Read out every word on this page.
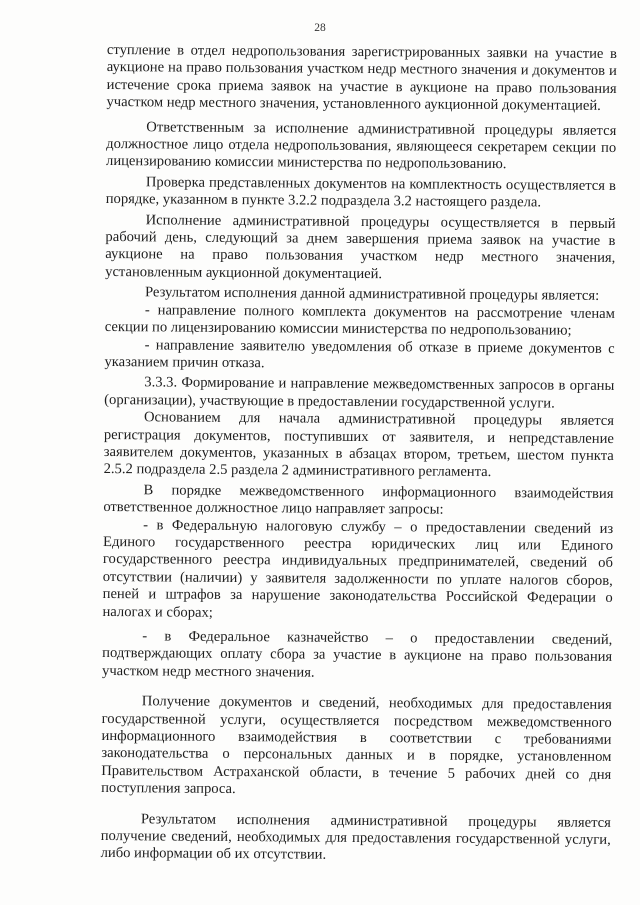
28

ступление в отдел недропользования зарегистрированных заявки на участие в аукционе на право пользования участком недр местного значения и документов и истечение срока приема заявок на участие в аукционе на право пользования участком недр местного значения, установленного аукционной документацией.

Ответственным за исполнение административной процедуры является должностное лицо отдела недропользования, являющееся секретарем секции по лицензированию комиссии министерства по недропользованию.

Проверка представленных документов на комплектность осуществляется в порядке, указанном в пункте 3.2.2 подраздела 3.2 настоящего раздела.

Исполнение административной процедуры осуществляется в первый рабочий день, следующий за днем завершения приема заявок на участие в аукционе на право пользования участком недр местного значения, установленным аукционной документацией.

Результатом исполнения данной административной процедуры является:

- направление полного комплекта документов на рассмотрение членам секции по лицензированию комиссии министерства по недропользованию;

- направление заявителю уведомления об отказе в приеме документов с указанием причин отказа.

3.3.3. Формирование и направление межведомственных запросов в органы (организации), участвующие в предоставлении государственной услуги.

Основанием для начала административной процедуры является регистрация документов, поступивших от заявителя, и непредставление заявителем документов, указанных в абзацах втором, третьем, шестом пункта 2.5.2 подраздела 2.5 раздела 2 административного регламента.

В порядке межведомственного информационного взаимодействия ответственное должностное лицо направляет запросы:

- в Федеральную налоговую службу – о предоставлении сведений из Единого государственного реестра юридических лиц или Единого государственного реестра индивидуальных предпринимателей, сведений об отсутствии (наличии) у заявителя задолженности по уплате налогов сборов, пеней и штрафов за нарушение законодательства Российской Федерации о налогах и сборах;

- в Федеральное казначейство – о предоставлении сведений, подтверждающих оплату сбора за участие в аукционе на право пользования участком недр местного значения.

Получение документов и сведений, необходимых для предоставления государственной услуги, осуществляется посредством межведомственного информационного взаимодействия в соответствии с требованиями законодательства о персональных данных и в порядке, установленном Правительством Астраханской области, в течение 5 рабочих дней со дня поступления запроса.

Результатом исполнения административной процедуры является получение сведений, необходимых для предоставления государственной услуги, либо информации об их отсутствии.
